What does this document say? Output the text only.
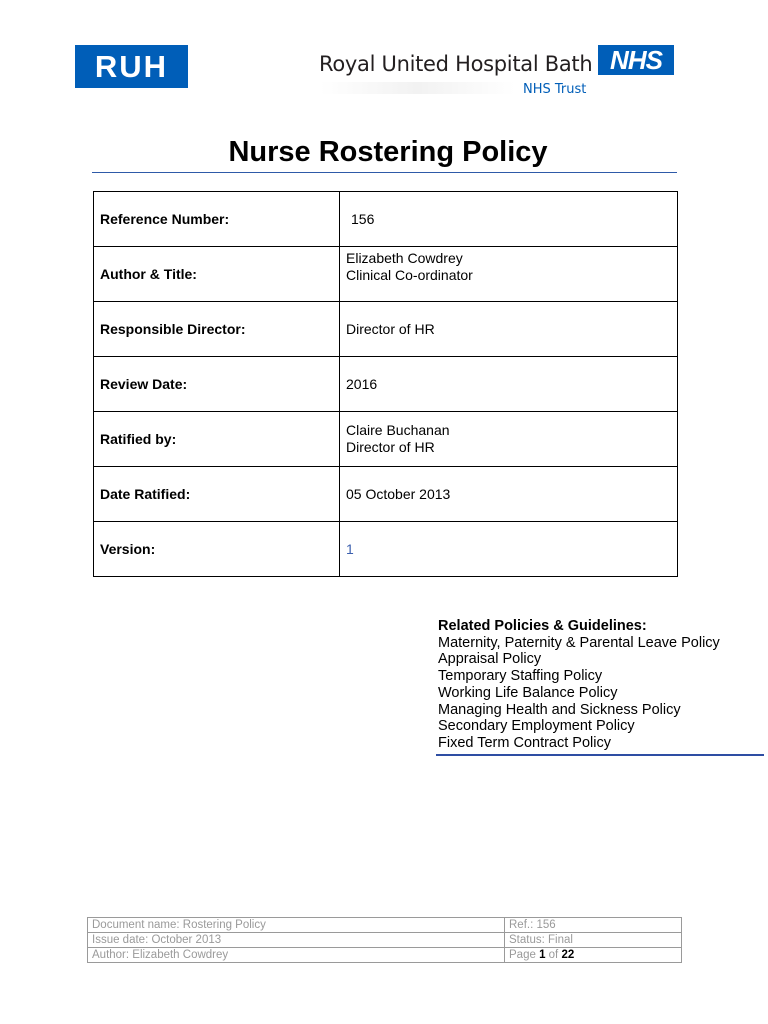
RUH	Royal United Hospital Bath NHS
NHS Trust
Nurse Rostering Policy
Reference Number:	156

Author & Title:	Elizabeth Cowdrey
Clinical Co-ordinator

Responsible Director:	Director of HR

Review Date:	2016

Ratified by:	Claire Buchanan
Director of HR

Date Ratified:	05 October 2013

Version:	1
Related Policies & Guidelines:
Maternity, Paternity & Parental Leave Policy
Appraisal Policy
Temporary Staffing Policy
Working Life Balance Policy
Managing Health and Sickness Policy
Secondary Employment Policy
Fixed Term Contract Policy
Document name: Rostering Policy	Ref.: 156
Issue date: October 2013	Status: Final
Author: Elizabeth Cowdrey	Page 1 of 22
